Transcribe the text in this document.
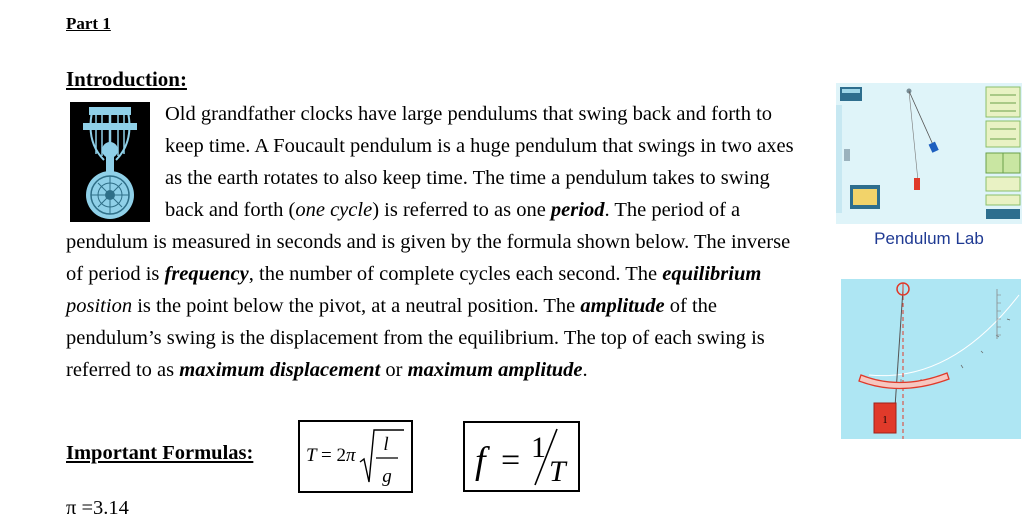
Part 1
Introduction:

Old grandfather clocks have large pendulums that swing back and forth to keep time. A Foucault pendulum is a huge pendulum that swings in two axes as the earth rotates to also keep time. The time a pendulum takes to swing back and forth (one cycle) is referred to as one period. The period of a pendulum is measured in seconds and is given by the formula shown below. The inverse of period is frequency, the number of complete cycles each second. The equilibrium position is the point below the pivot, at a neutral position. The amplitude of the pendulum’s swing is the displacement from the equilibrium. The top of each swing is referred to as maximum displacement or maximum amplitude.

Important Formulas:	T = 2 π
l
g f = 1
T
π =3.14
Pendulum Lab
1
